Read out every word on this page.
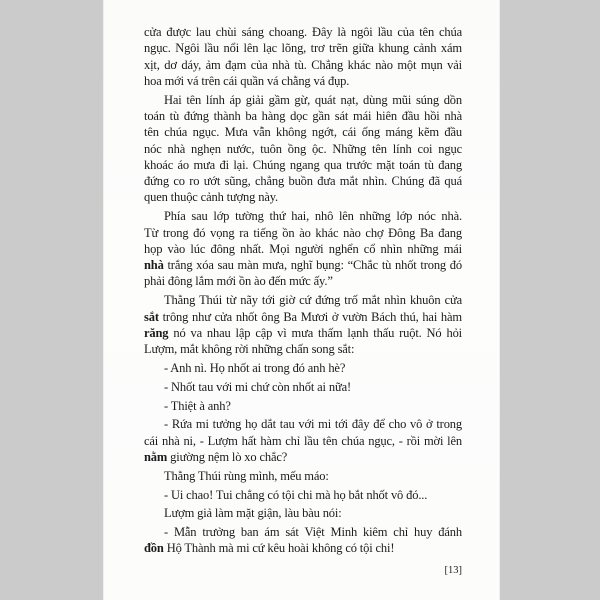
cửa được lau chùi sáng choang. Đây là ngôi lầu của tên chúa
ngục. Ngôi lầu nổi lên lạc lõng, trơ trẽn giữa khung cảnh xám
xịt, dơ dáy, ảm đạm của nhà tù. Chẳng khác nào một mụn vải
hoa mới vá trên cái quần vá chằng vá đụp.

Hai tên lính áp giải gầm gừ, quát nạt, dùng mũi súng dồn
toán tù đứng thành ba hàng dọc gần sát mái hiên đầu hồi nhà
tên chúa ngục. Mưa vẫn không ngớt, cái ống máng kẽm đầu
nóc nhà nghẹn nước, tuôn ồng ộc. Những tên lính coi ngục
khoác áo mưa đi lại. Chúng ngang qua trước mặt toán tù đang
đứng co ro ướt sũng, chẳng buồn đưa mắt nhìn. Chúng đã quá
quen thuộc cảnh tượng này.

Phía sau lớp tường thứ hai, nhô lên những lớp nóc nhà.
Từ trong đó vọng ra tiếng ồn ào khác nào chợ Đông Ba đang
họp vào lúc đông nhất. Mọi người nghển cổ nhìn những mái
nhà trắng xóa sau màn mưa, nghĩ bụng: “Chắc tù nhốt trong đó
phải đông lắm mới ồn ào đến mức ấy.”

Thằng Thúi từ nãy tới giờ cứ đứng trố mắt nhìn khuôn cửa
sắt trông như cửa nhốt ông Ba Mươi ở vườn Bách thú, hai hàm
răng nó va nhau lập cập vì mưa thấm lạnh thấu ruột. Nó hỏi
Lượm, mắt không rời những chấn song sắt:

- Anh nì. Họ nhốt ai trong đó anh hè?

- Nhốt tau với mi chứ còn nhốt ai nữa!

- Thiệt à anh?

- Rứa mi tưởng họ dắt tau với mi tới đây để cho vô ở trong
cái nhà ni, - Lượm hất hàm chỉ lầu tên chúa ngục, - rồi mời lên
nằm giường nệm lò xo chắc?

Thằng Thúi rùng mình, mếu máo:

- Ui chao! Tui chẳng có tội chi mà họ bắt nhốt vô đó...

Lượm giả làm mặt giận, làu bàu nói:

- Mẫn trưởng ban ám sát Việt Minh kiêm chỉ huy đánh
đồn Hộ Thành mà mi cứ kêu hoài không có tội chi!

[13]
